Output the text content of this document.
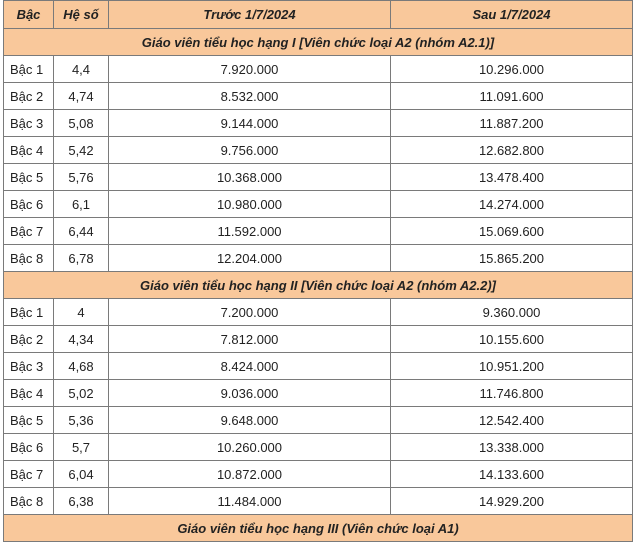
Bậc	Hệ số	Trước 1/7/2024	Sau 1/7/2024
Giáo viên tiểu học hạng I [Viên chức loại A2 (nhóm A2.1)]			
Bậc 1	4,4	7.920.000	10.296.000
Bậc 2	4,74	8.532.000	11.091.600
Bậc 3	5,08	9.144.000	11.887.200
Bậc 4	5,42	9.756.000	12.682.800
Bậc 5	5,76	10.368.000	13.478.400
Bậc 6	6,1	10.980.000	14.274.000
Bậc 7	6,44	11.592.000	15.069.600
Bậc 8	6,78	12.204.000	15.865.200
Giáo viên tiểu học hạng II [Viên chức loại A2 (nhóm A2.2)]			
Bậc 1	4	7.200.000	9.360.000
Bậc 2	4,34	7.812.000	10.155.600
Bậc 3	4,68	8.424.000	10.951.200
Bậc 4	5,02	9.036.000	11.746.800
Bậc 5	5,36	9.648.000	12.542.400
Bậc 6	5,7	10.260.000	13.338.000
Bậc 7	6,04	10.872.000	14.133.600
Bậc 8	6,38	11.484.000	14.929.200
Giáo viên tiểu học hạng III (Viên chức loại A1)			
